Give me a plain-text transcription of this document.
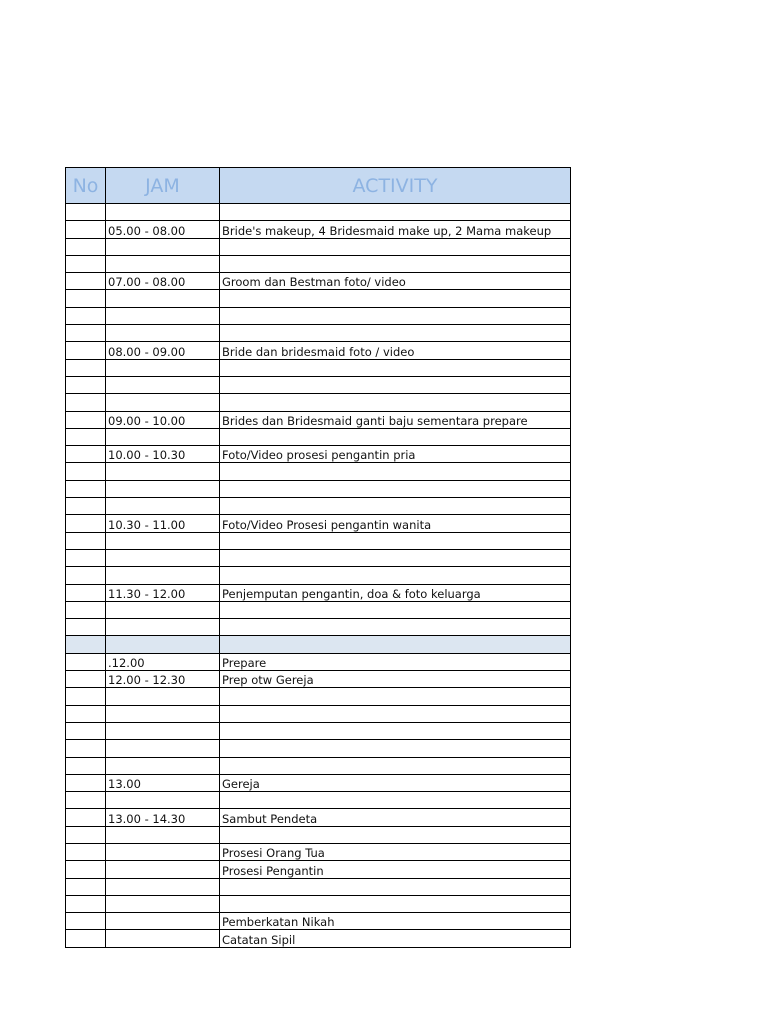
No	JAM	ACTIVITY

	05.00 - 08.00	Bride's makeup, 4 Bridesmaid make up, 2 Mama makeup

	07.00 - 08.00	Groom dan Bestman foto/ video

	08.00 - 09.00	Bride dan bridesmaid foto / video

	09.00 - 10.00	Brides dan Bridesmaid ganti baju sementara prepare

	10.00 - 10.30	Foto/Video prosesi pengantin pria

	10.30 - 11.00	Foto/Video Prosesi pengantin wanita

	11.30 - 12.00	Penjemputan pengantin, doa & foto keluarga

	.12.00	Prepare
	12.00 - 12.30	Prep otw Gereja

	13.00	Gereja

	13.00 - 14.30	Sambut Pendeta

		Prosesi Orang Tua
		Prosesi Pengantin

		Pemberkatan Nikah
		Catatan Sipil
